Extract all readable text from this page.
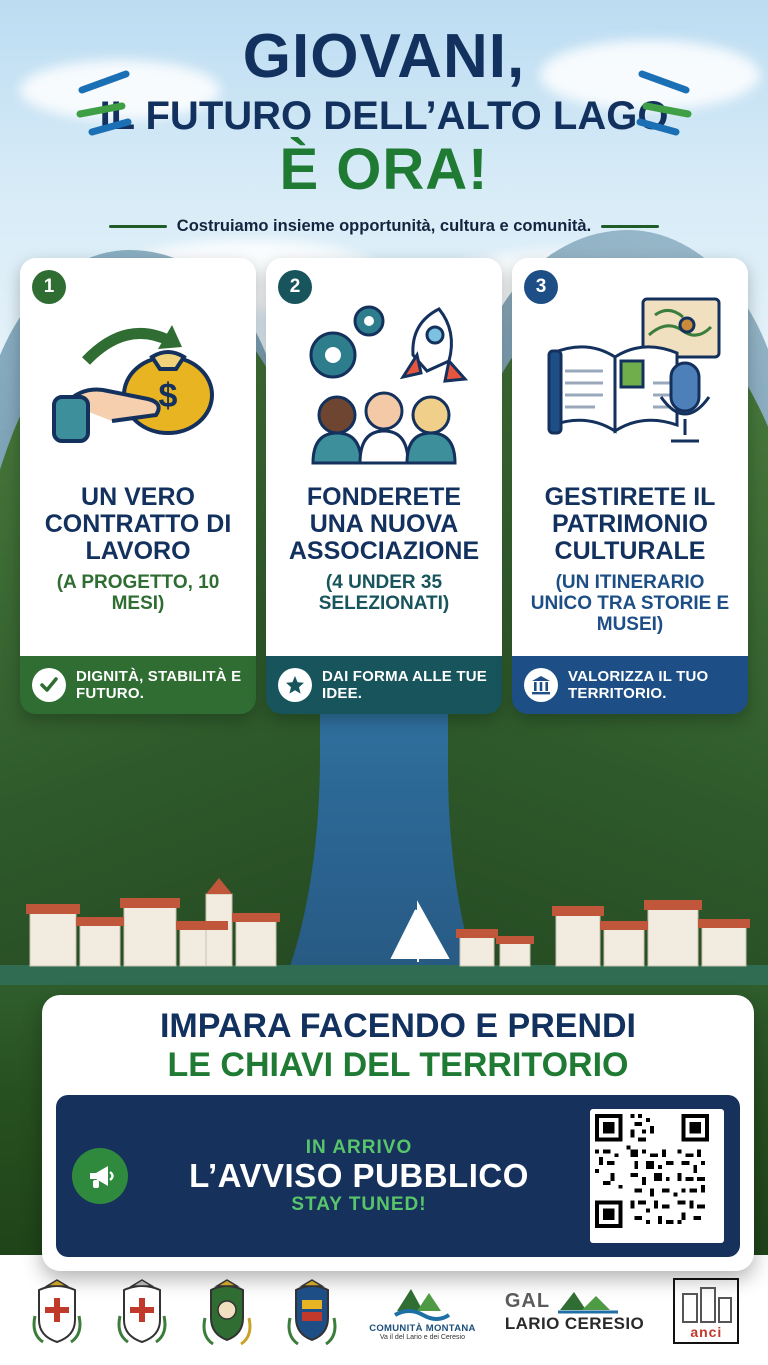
GIOVANI,
IL FUTURO DELL’ALTO LAGO
È ORA!
Costruiamo insieme opportunità, cultura e comunità.
1
$
UN VERO CONTRATTO DI LAVORO
(A PROGETTO, 10 MESI)
DIGNITÀ, STABILITÀ E FUTURO.
2
FONDERETE UNA NUOVA ASSOCIAZIONE
(4 UNDER 35 SELEZIONATI)
DAI FORMA ALLE TUE IDEE.
3
GESTIRETE IL PATRIMONIO CULTURALE
(UN ITINERARIO UNICO TRA STORIE E MUSEI)
VALORIZZA IL TUO TERRITORIO.
IMPARA FACENDO E PRENDI
LE CHIAVI DEL TERRITORIO
IN ARRIVO
L’AVVISO PUBBLICO
STAY TUNED!
COMUNITÀ MONTANA
Va il del Lario e dei Ceresio
GAL
LARIO CERESIO	anci
